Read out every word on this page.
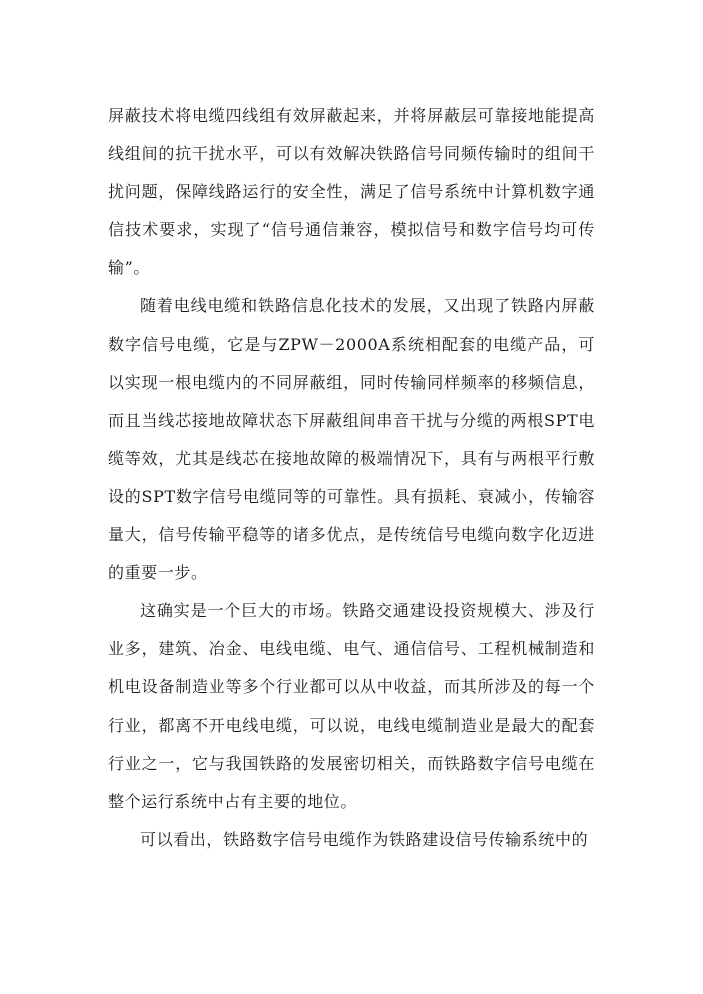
屏蔽技术将电缆四线组有效屏蔽起来，并将屏蔽层可靠接地能提高线组间的抗干扰水平，可以有效解决铁路信号同频传输时的组间干扰问题，保障线路运行的安全性，满足了信号系统中计算机数字通信技术要求，实现了“信号通信兼容，模拟信号和数字信号均可传输”。

随着电线电缆和铁路信息化技术的发展，又出现了铁路内屏蔽数字信号电缆，它是与ZPW－2000A系统相配套的电缆产品，可以实现一根电缆内的不同屏蔽组，同时传输同样频率的移频信息，而且当线芯接地故障状态下屏蔽组间串音干扰与分缆的两根SPT电缆等效，尤其是线芯在接地故障的极端情况下，具有与两根平行敷设的SPT数字信号电缆同等的可靠性。具有损耗、衰减小，传输容量大，信号传输平稳等的诸多优点，是传统信号电缆向数字化迈进的重要一步。

这确实是一个巨大的市场。铁路交通建设投资规模大、涉及行业多，建筑、冶金、电线电缆、电气、通信信号、工程机械制造和机电设备制造业等多个行业都可以从中收益，而其所涉及的每一个行业，都离不开电线电缆，可以说，电线电缆制造业是最大的配套行业之一，它与我国铁路的发展密切相关，而铁路数字信号电缆在整个运行系统中占有主要的地位。

可以看出，铁路数字信号电缆作为铁路建设信号传输系统中的
